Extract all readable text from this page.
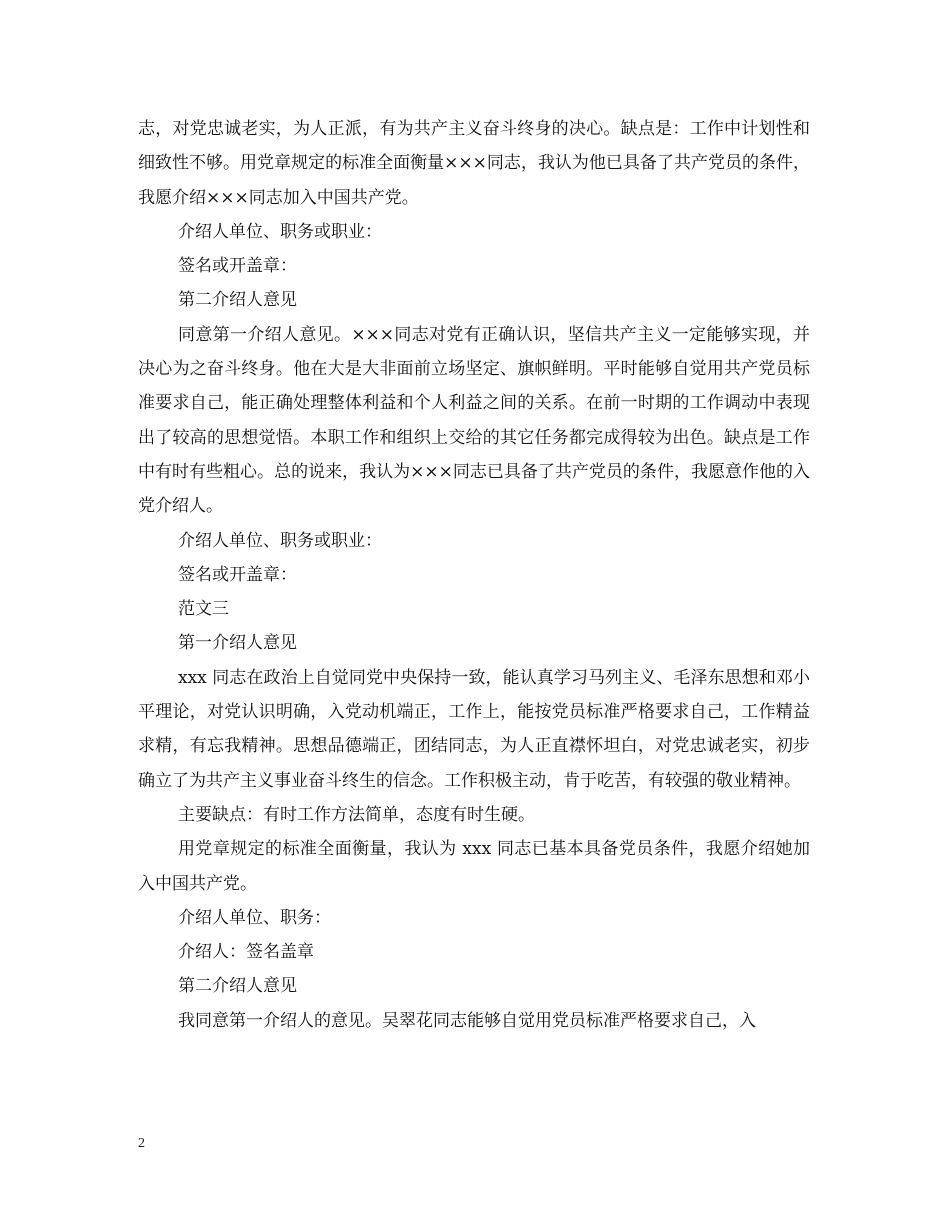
志，对党忠诚老实，为人正派，有为共产主义奋斗终身的决心。缺点是：工作中计划性和细致性不够。用党章规定的标准全面衡量×××同志，我认为他已具备了共产党员的条件，我愿介绍×××同志加入中国共产党。

介绍人单位、职务或职业：

签名或开盖章：

第二介绍人意见

同意第一介绍人意见。×××同志对党有正确认识，坚信共产主义一定能够实现，并决心为之奋斗终身。他在大是大非面前立场坚定、旗帜鲜明。平时能够自觉用共产党员标准要求自己，能正确处理整体利益和个人利益之间的关系。在前一时期的工作调动中表现出了较高的思想觉悟。本职工作和组织上交给的其它任务都完成得较为出色。缺点是工作中有时有些粗心。总的说来，我认为×××同志已具备了共产党员的条件，我愿意作他的入党介绍人。

介绍人单位、职务或职业：

签名或开盖章：

范文三

第一介绍人意见

xxx 同志在政治上自觉同党中央保持一致，能认真学习马列主义、毛泽东思想和邓小平理论，对党认识明确，入党动机端正，工作上，能按党员标准严格要求自己，工作精益求精，有忘我精神。思想品德端正，团结同志，为人正直襟怀坦白，对党忠诚老实，初步确立了为共产主义事业奋斗终生的信念。工作积极主动，肯于吃苦，有较强的敬业精神。

主要缺点：有时工作方法简单，态度有时生硬。

用党章规定的标准全面衡量，我认为 xxx 同志已基本具备党员条件，我愿介绍她加入中国共产党。

介绍人单位、职务：

介绍人：签名盖章

第二介绍人意见

我同意第一介绍人的意见。吴翠花同志能够自觉用党员标准严格要求自己，入

2
